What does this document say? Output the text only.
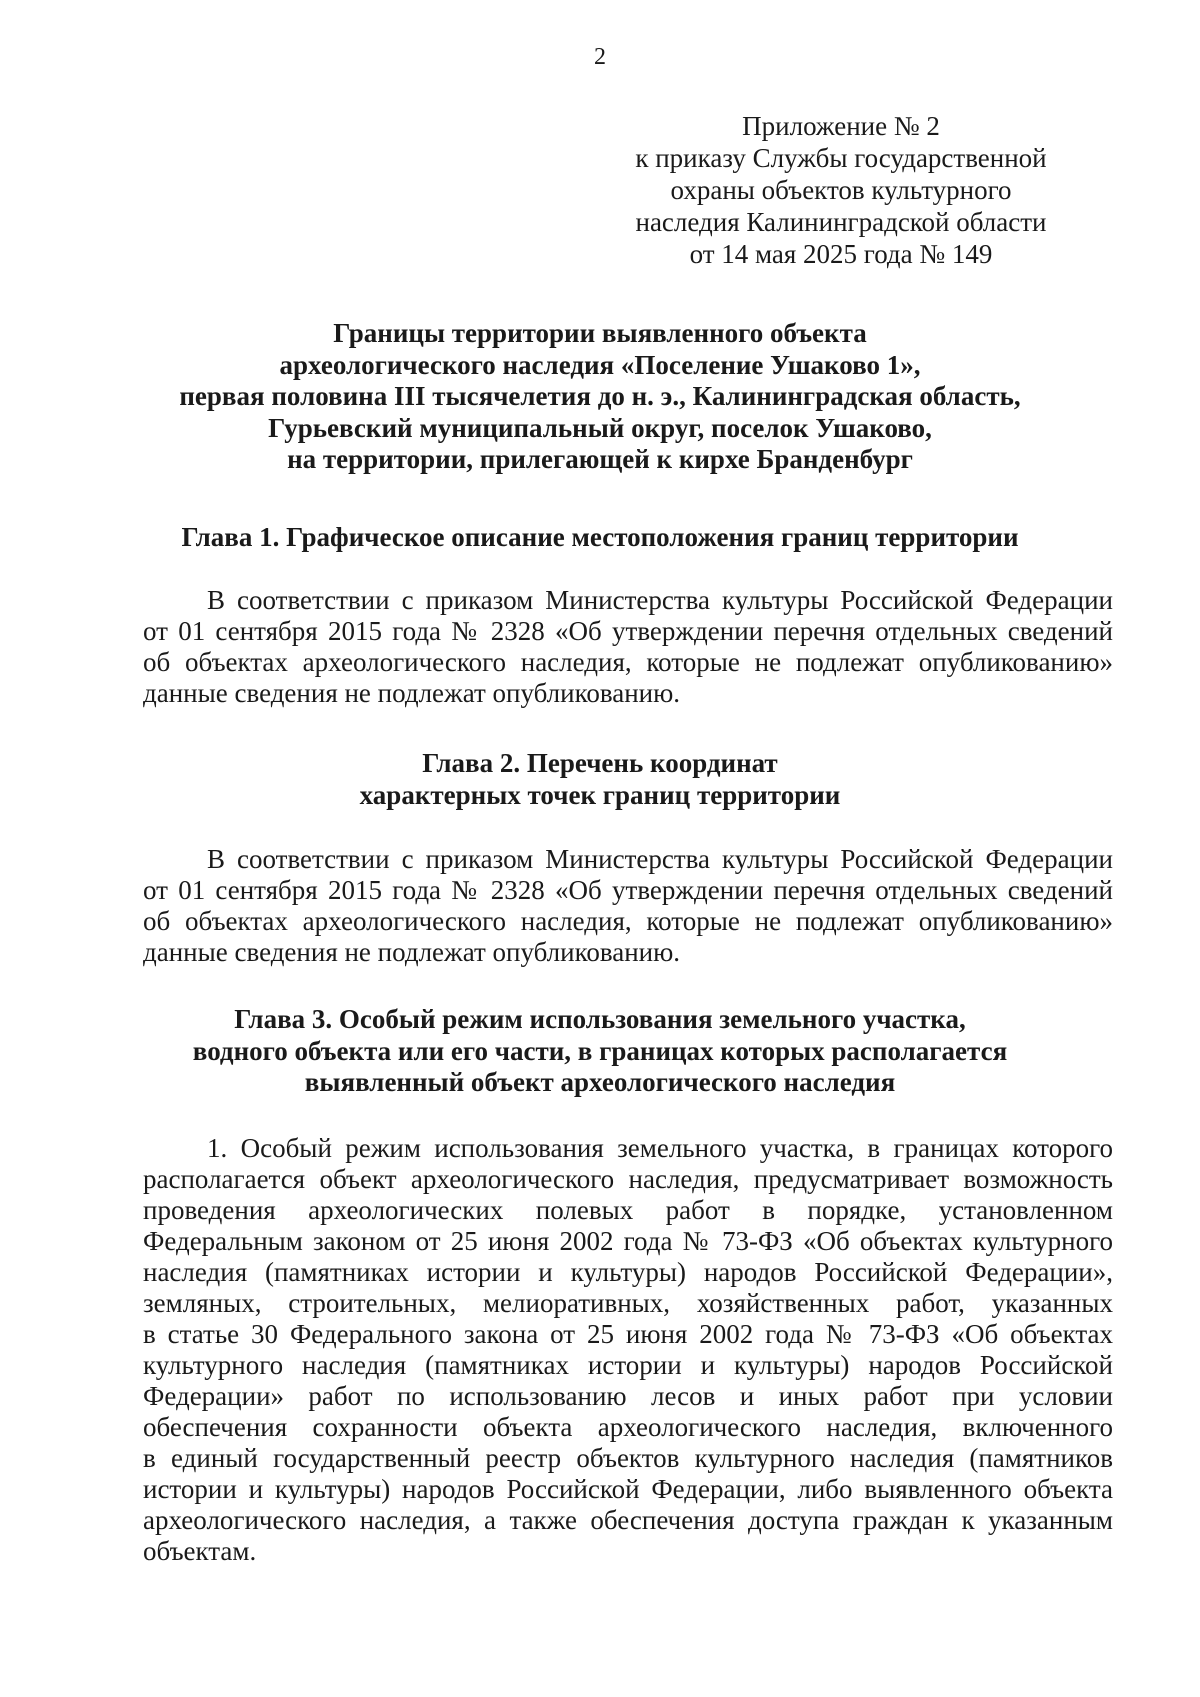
2
Приложение № 2
к приказу Службы государственной
охраны объектов культурного
наследия Калининградской области
от 14 мая 2025 года № 149
Границы территории выявленного объекта
археологического наследия «Поселение Ушаково 1»,
первая половина III тысячелетия до н. э., Калининградская область,
Гурьевский муниципальный округ, поселок Ушаково,
на территории, прилегающей к кирхе Бранденбург
Глава 1. Графическое описание местоположения границ территории
В соответствии с приказом Министерства культуры Российской Федерации
от 01 сентября 2015 года № 2328 «Об утверждении перечня отдельных сведений
об объектах археологического наследия, которые не подлежат опубликованию»
данные сведения не подлежат опубликованию.
Глава 2. Перечень координат
характерных точек границ территории
В соответствии с приказом Министерства культуры Российской Федерации
от 01 сентября 2015 года № 2328 «Об утверждении перечня отдельных сведений
об объектах археологического наследия, которые не подлежат опубликованию»
данные сведения не подлежат опубликованию.
Глава 3. Особый режим использования земельного участка,
водного объекта или его части, в границах которых располагается
выявленный объект археологического наследия
1. Особый режим использования земельного участка, в границах которого
располагается объект археологического наследия, предусматривает возможность
проведения археологических полевых работ в порядке, установленном
Федеральным законом от 25 июня 2002 года № 73-ФЗ «Об объектах культурного
наследия (памятниках истории и культуры) народов Российской Федерации»,
земляных, строительных, мелиоративных, хозяйственных работ, указанных
в статье 30 Федерального закона от 25 июня 2002 года № 73-ФЗ «Об объектах
культурного наследия (памятниках истории и культуры) народов Российской
Федерации» работ по использованию лесов и иных работ при условии
обеспечения сохранности объекта археологического наследия, включенного
в единый государственный реестр объектов культурного наследия (памятников
истории и культуры) народов Российской Федерации, либо выявленного объекта
археологического наследия, а также обеспечения доступа граждан к указанным
объектам.
